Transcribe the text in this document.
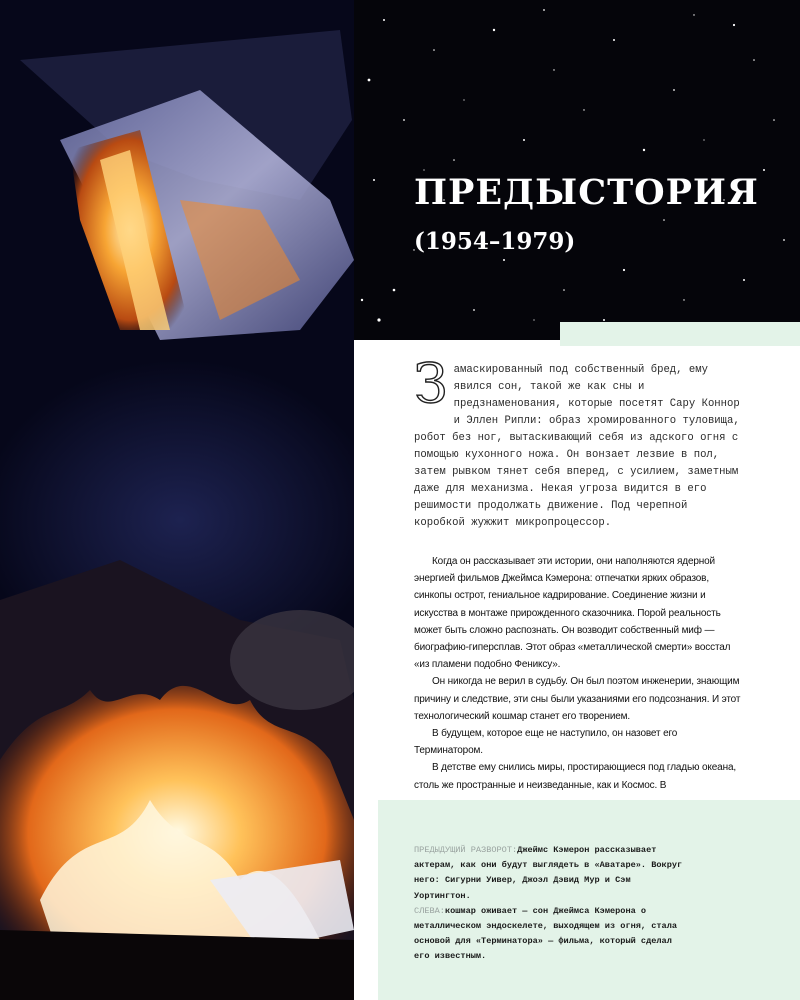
ПРЕДЫСТОРИЯ
(1954–1979)
З амаскированный под собственный бред, ему явился сон, такой же как сны и предзнаменования, которые посетят Сару Коннор и Эллен Рипли: образ хромированного туловища, робот без ног, вытаскивающий себя из адского огня с помощью кухонного ножа. Он вонзает лезвие в пол, затем рывком тянет себя вперед, с усилием, заметным даже для механизма. Некая угроза видится в его решимости продолжать движение. Под черепной коробкой жужжит микропроцессор.

Когда он рассказывает эти истории, они наполняются ядерной энергией фильмов Джеймса Кэмерона: отпечатки ярких образов, синкопы острот, гениальное кадрирование. Соединение жизни и искусства в монтаже прирожденного сказочника. Порой реальность может быть сложно распознать. Он возводит собственный миф — биографию-гиперсплав. Этот образ «металлической смерти» восстал «из пламени подобно Фениксу».

Он никогда не верил в судьбу. Он был поэтом инженерии, знающим причину и следствие, эти сны были указаниями его подсознания. И этот технологический кошмар станет его творением.

В будущем, которое еще не наступило, он назовет его Терминатором.

В детстве ему снились миры, простирающиеся под гладью океана, столь же пространные и неизведанные, как и Космос. В

ПРЕДЫДУЩИЙ РАЗВОРОТ:Джеймс Кэмерон рассказывает актерам, как они будут выглядеть в «Аватаре». Вокруг него: Сигурни Уивер, Джоэл Дэвид Мур и Сэм Уортингтон.

СЛЕВА:кошмар оживает — сон Джеймса Кэмерона о металлическом эндоскелете, выходящем из огня, стала основой для «Терминатора» — фильма, который сделал его известным.
